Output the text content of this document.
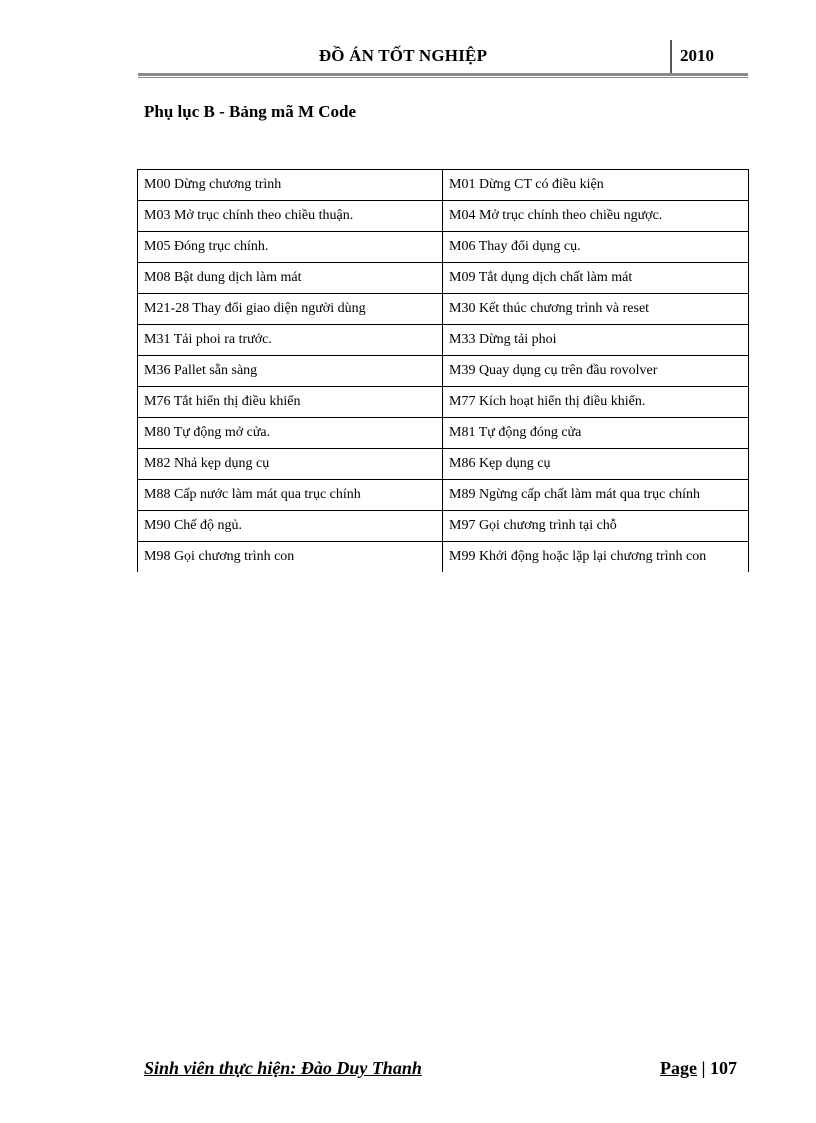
ĐỒ ÁN TỐT NGHIỆP	2010
Phụ lục B - Bảng mã M Code
M00 Dừng chương trình	M01 Dừng CT có điều kiện
M03 Mở trục chính theo chiều thuận.	M04 Mở trục chính theo chiều ngược.
M05 Đóng trục chính.	M06 Thay đổi dụng cụ.
M08 Bật dung dịch làm mát	M09 Tắt dụng dịch chất làm mát
M21-28 Thay đổi giao diện người dùng	M30 Kết thúc chương trình và reset
M31 Tải phoi ra trước.	M33 Dừng tải phoi
M36 Pallet sẵn sàng	M39 Quay dụng cụ trên đầu rovolver
M76 Tắt hiển thị điều khiển	M77 Kích hoạt hiển thị điều khiển.
M80 Tự động mở cửa.	M81 Tự động đóng cửa
M82 Nhả kẹp dụng cụ	M86 Kẹp dụng cụ
M88 Cấp nước làm mát qua trục chính	M89 Ngừng cấp chất làm mát qua trục chính
M90 Chế độ ngủ.	M97 Gọi chương trình tại chỗ
M98 Gọi chương trình con	M99 Khởi động hoặc lặp lại chương trình con
Sinh viên thực hiện: Đào Duy Thanh	Page | 107
